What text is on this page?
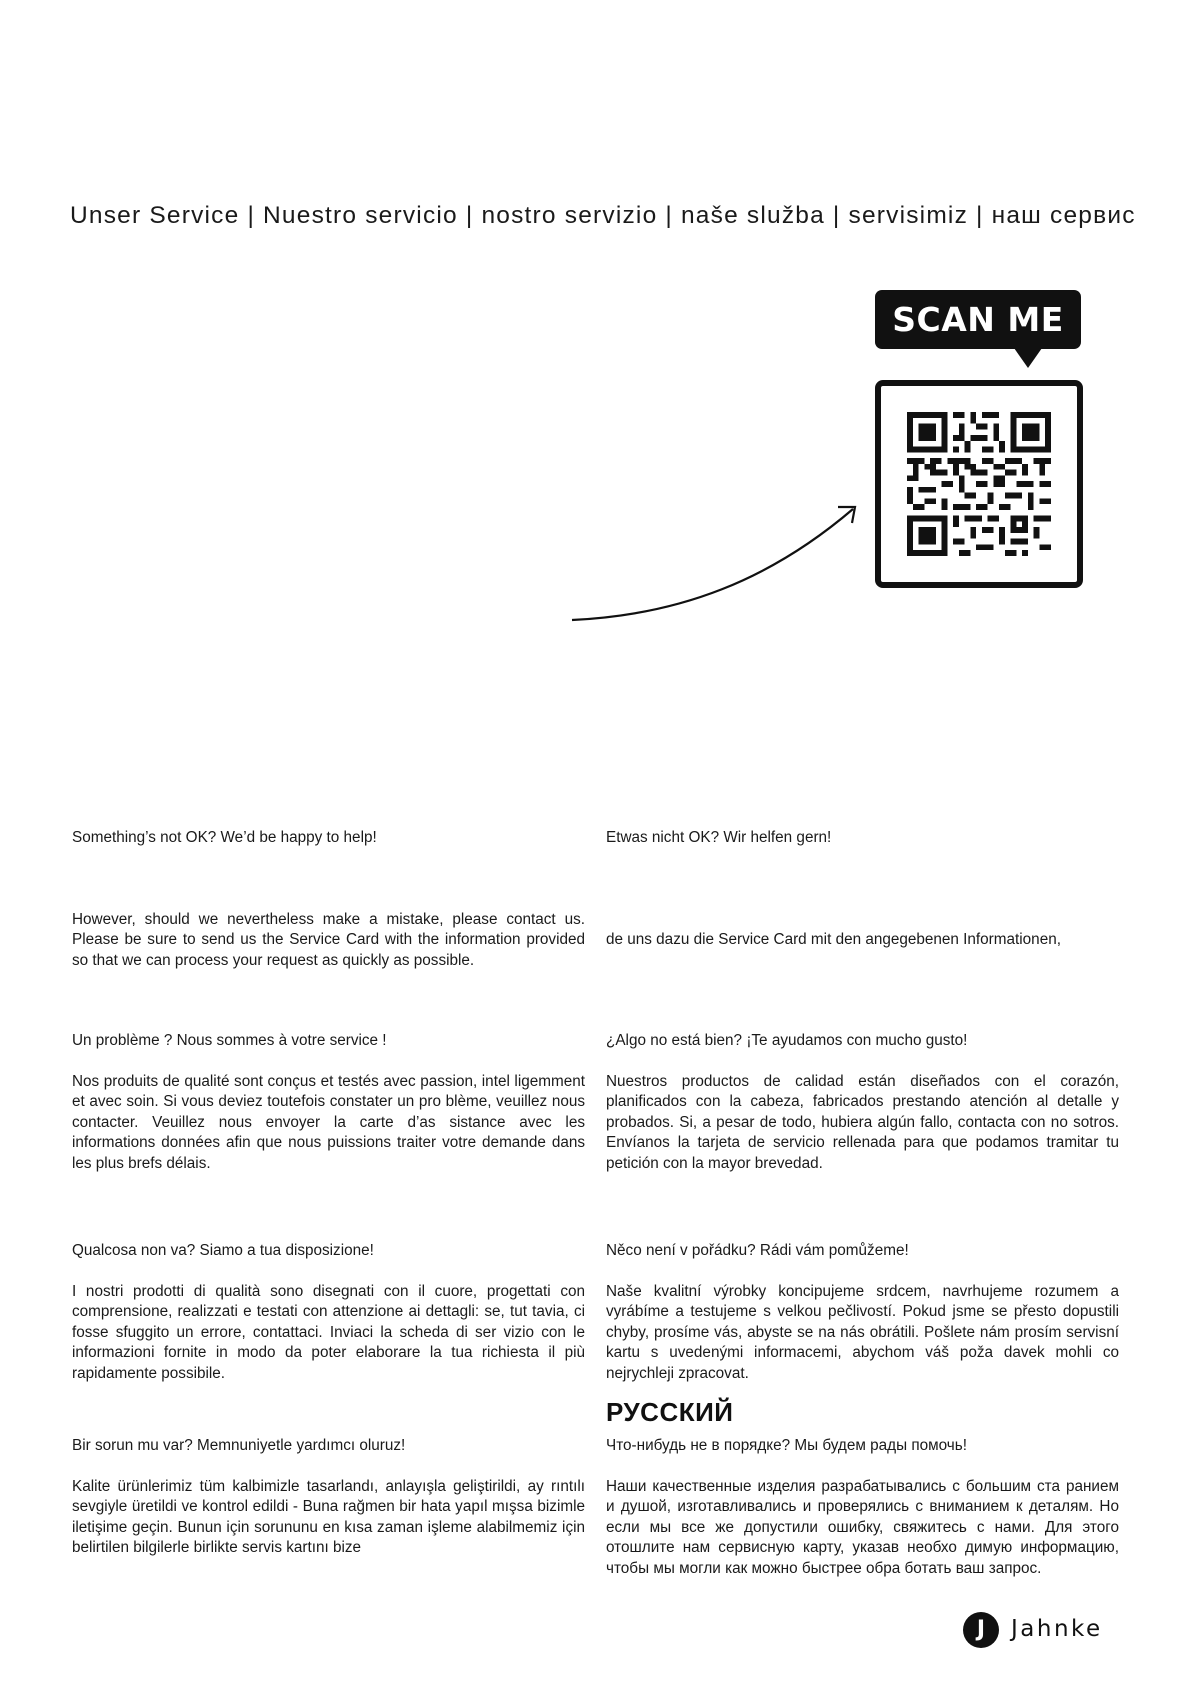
Unser Service | Nuestro servicio | nostro servizio | naše služba | servisimiz | наш сервис
SCAN ME
Something’s not OK? We’d be happy to help!

However, should we nevertheless make a mistake, please contact us. Please be sure to send us the Service Card with the information provided so that we can process your request as quickly as possible.

Etwas nicht OK? Wir helfen gern!

de uns dazu die Service Card mit den angegebenen Informationen,

Un problème ? Nous sommes à votre service !

Nos produits de qualité sont conçus et testés avec passion, intel ligemment et avec soin. Si vous deviez toutefois constater un pro blème, veuillez nous contacter. Veuillez nous envoyer la carte d’as sistance avec les informations données afin que nous puissions traiter votre demande dans les plus brefs délais.

¿Algo no está bien? ¡Te ayudamos con mucho gusto!

Nuestros productos de calidad están diseñados con el corazón, planificados con la cabeza, fabricados prestando atención al detalle y probados. Si, a pesar de todo, hubiera algún fallo, contacta con no sotros. Envíanos la tarjeta de servicio rellenada para que podamos tramitar tu petición con la mayor brevedad.

Qualcosa non va? Siamo a tua disposizione!

I nostri prodotti di qualità sono disegnati con il cuore, progettati con comprensione, realizzati e testati con attenzione ai dettagli: se, tut tavia, ci fosse sfuggito un errore, contattaci. Inviaci la scheda di ser vizio con le informazioni fornite in modo da poter elaborare la tua richiesta il più rapidamente possibile.

Něco není v pořádku? Rádi vám pomůžeme!

Naše kvalitní výrobky koncipujeme srdcem, navrhujeme rozumem a vyrábíme a testujeme s velkou pečlivostí. Pokud jsme se přesto dopustili chyby, prosíme vás, abyste se na nás obrátili. Pošlete nám prosím servisní kartu s uvedenými informacemi, abychom váš poža davek mohli co nejrychleji zpracovat.

Bir sorun mu var? Memnuniyetle yardımcı oluruz!

Kalite ürünlerimiz tüm kalbimizle tasarlandı, anlayışla geliştirildi, ay rıntılı sevgiyle üretildi ve kontrol edildi - Buna rağmen bir hata yapıl mışsa bizimle iletişime geçin. Bunun için sorununu en kısa zaman işleme alabilmemiz için belirtilen bilgilerle birlikte servis kartını bize

РУССКИЙ
Что-нибудь не в порядке? Мы будем рады помочь!

Наши качественные изделия разрабатывались с большим ста ранием и душой, изготавливались и проверялись с вниманием к деталям. Но если мы все же допустили ошибку, свяжитесь с нами. Для этого отошлите нам сервисную карту, указав необхо димую информацию, чтобы мы могли как можно быстрее обра ботать ваш запрос.

J	Jahnke
